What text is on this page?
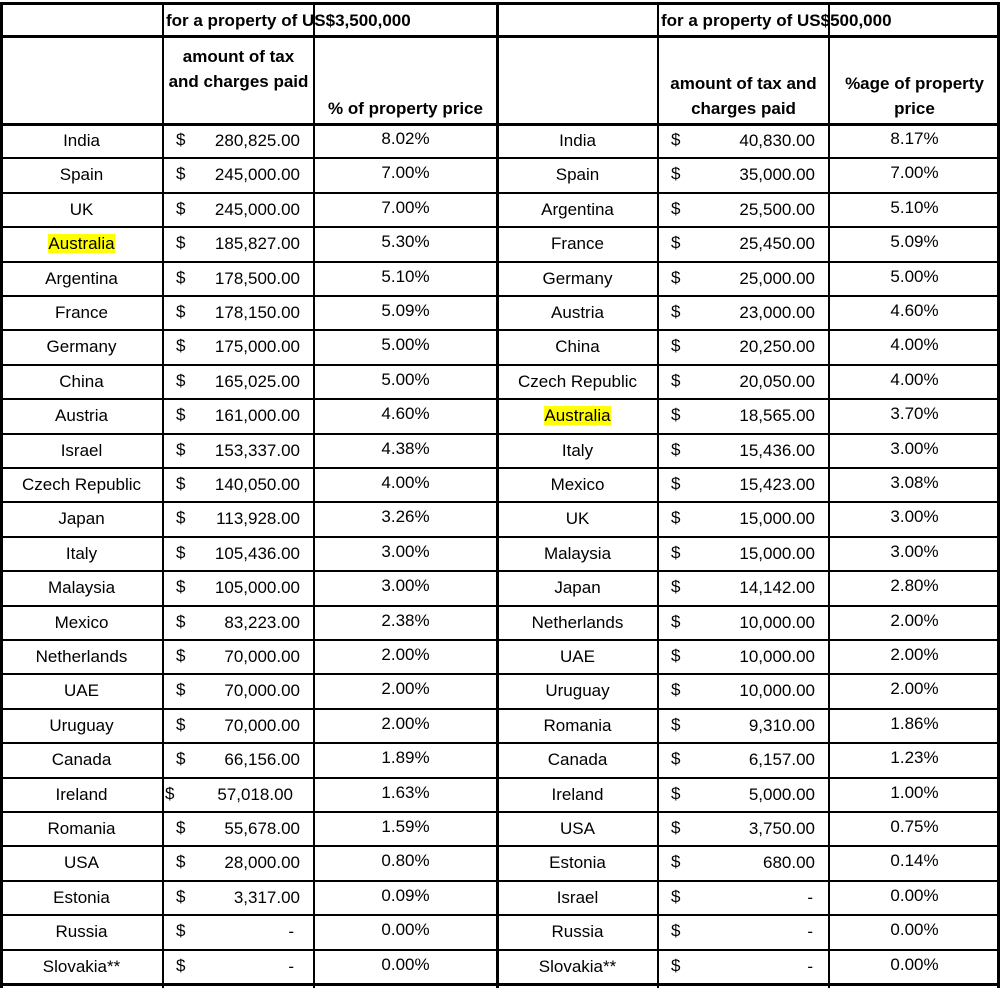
for a property of US$3,500,000	for a property of US$500,000
amount of tax and charges paid
% of property price
amount of tax and charges paid
%age of property price
India	$	280,825.00	8.02%
Spain	$	245,000.00	7.00%
UK	$	245,000.00	7.00%
Australia	$	185,827.00	5.30%
Argentina	$	178,500.00	5.10%
France	$	178,150.00	5.09%
Germany	$	175,000.00	5.00%
China	$	165,025.00	5.00%
Austria	$	161,000.00	4.60%
Israel	$	153,337.00	4.38%
Czech Republic	$	140,050.00	4.00%
Japan	$	113,928.00	3.26%
Italy	$	105,436.00	3.00%
Malaysia	$	105,000.00	3.00%
Mexico	$	83,223.00	2.38%
Netherlands	$	70,000.00	2.00%
UAE	$	70,000.00	2.00%
Uruguay	$	70,000.00	2.00%
Canada	$	66,156.00	1.89%
Ireland	$	57,018.00	1.63%
Romania	$	55,678.00	1.59%
USA	$	28,000.00	0.80%
Estonia	$	3,317.00	0.09%
Russia	$	-	0.00%
Slovakia**	$	-	0.00%
India	$	40,830.00	8.17%
Spain	$	35,000.00	7.00%
Argentina	$	25,500.00	5.10%
France	$	25,450.00	5.09%
Germany	$	25,000.00	5.00%
Austria	$	23,000.00	4.60%
China	$	20,250.00	4.00%
Czech Republic	$	20,050.00	4.00%
Australia	$	18,565.00	3.70%
Italy	$	15,436.00	3.00%
Mexico	$	15,423.00	3.08%
UK	$	15,000.00	3.00%
Malaysia	$	15,000.00	3.00%
Japan	$	14,142.00	2.80%
Netherlands	$	10,000.00	2.00%
UAE	$	10,000.00	2.00%
Uruguay	$	10,000.00	2.00%
Romania	$	9,310.00	1.86%
Canada	$	6,157.00	1.23%
Ireland	$	5,000.00	1.00%
USA	$	3,750.00	0.75%
Estonia	$	680.00	0.14%
Israel	$	-	0.00%
Russia	$	-	0.00%
Slovakia**	$	-	0.00%
